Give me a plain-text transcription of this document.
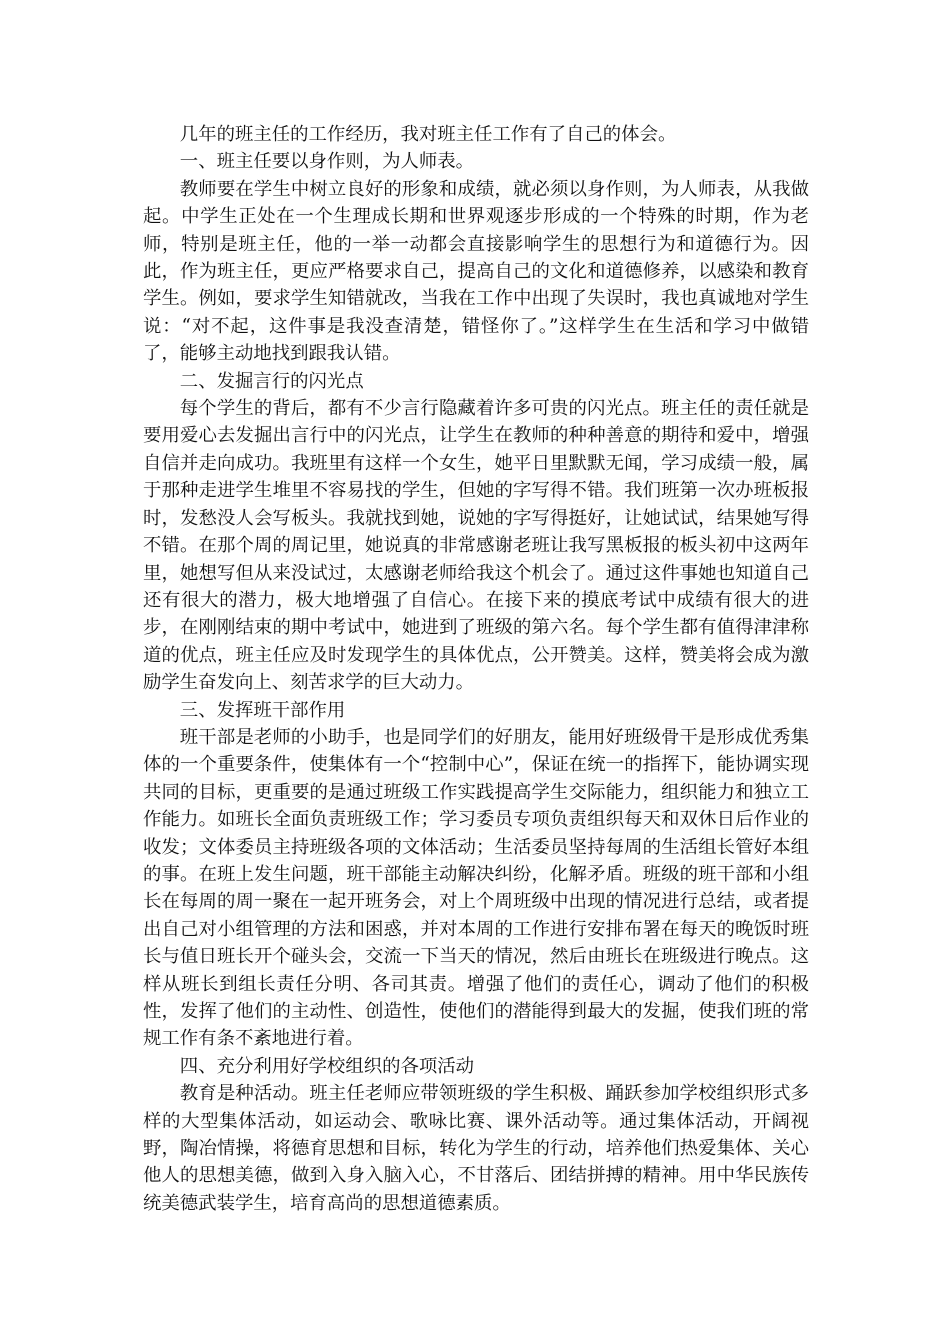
几年的班主任的工作经历，我对班主任工作有了自己的体会。

一、班主任要以身作则，为人师表。

教师要在学生中树立良好的形象和成绩，就必须以身作则，为人师表，从我做起。中学生正处在一个生理成长期和世界观逐步形成的一个特殊的时期，作为老师，特别是班主任，他的一举一动都会直接影响学生的思想行为和道德行为。因此，作为班主任，更应严格要求自己，提高自己的文化和道德修养，以感染和教育学生。例如，要求学生知错就改，当我在工作中出现了失误时，我也真诚地对学生说：“对不起，这件事是我没查清楚，错怪你了。”这样学生在生活和学习中做错了，能够主动地找到跟我认错。

二、发掘言行的闪光点

每个学生的背后，都有不少言行隐藏着许多可贵的闪光点。班主任的责任就是要用爱心去发掘出言行中的闪光点，让学生在教师的种种善意的期待和爱中，增强自信并走向成功。我班里有这样一个女生，她平日里默默无闻，学习成绩一般，属于那种走进学生堆里不容易找的学生，但她的字写得不错。我们班第一次办班板报时，发愁没人会写板头。我就找到她，说她的字写得挺好，让她试试，结果她写得不错。在那个周的周记里，她说真的非常感谢老班让我写黑板报的板头初中这两年里，她想写但从来没试过，太感谢老师给我这个机会了。通过这件事她也知道自己还有很大的潜力，极大地增强了自信心。在接下来的摸底考试中成绩有很大的进步，在刚刚结束的期中考试中，她进到了班级的第六名。每个学生都有值得津津称道的优点，班主任应及时发现学生的具体优点，公开赞美。这样，赞美将会成为激励学生奋发向上、刻苦求学的巨大动力。

三、发挥班干部作用

班干部是老师的小助手，也是同学们的好朋友，能用好班级骨干是形成优秀集体的一个重要条件，使集体有一个“控制中心”，保证在统一的指挥下，能协调实现共同的目标，更重要的是通过班级工作实践提高学生交际能力，组织能力和独立工作能力。如班长全面负责班级工作；学习委员专项负责组织每天和双休日后作业的收发；文体委员主持班级各项的文体活动；生活委员坚持每周的生活组长管好本组的事。在班上发生问题，班干部能主动解决纠纷，化解矛盾。班级的班干部和小组长在每周的周一聚在一起开班务会，对上个周班级中出现的情况进行总结，或者提出自己对小组管理的方法和困惑，并对本周的工作进行安排布署在每天的晚饭时班长与值日班长开个碰头会，交流一下当天的情况，然后由班长在班级进行晚点。这样从班长到组长责任分明、各司其责。增强了他们的责任心，调动了他们的积极性，发挥了他们的主动性、创造性，使他们的潜能得到最大的发掘，使我们班的常规工作有条不紊地进行着。

四、充分利用好学校组织的各项活动

教育是种活动。班主任老师应带领班级的学生积极、踊跃参加学校组织形式多样的大型集体活动，如运动会、歌咏比赛、课外活动等。通过集体活动，开阔视野，陶冶情操，将德育思想和目标，转化为学生的行动，培养他们热爱集体、关心他人的思想美德，做到入身入脑入心，不甘落后、团结拼搏的精神。用中华民族传统美德武装学生，培育高尚的思想道德素质。
